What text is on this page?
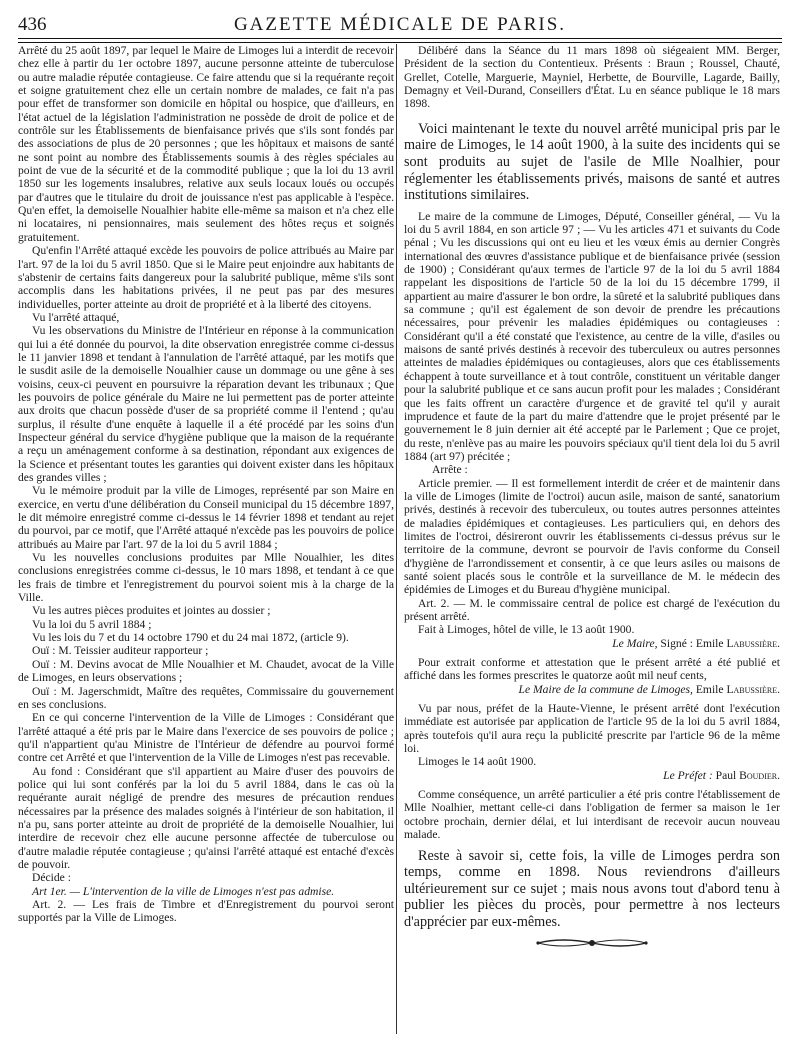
436	GAZETTE MÉDICALE DE PARIS.

Arrêté du 25 août 1897, par lequel le Maire de Limoges lui a interdit de recevoir chez elle à partir du 1er octobre 1897, aucune personne atteinte de tuberculose ou autre maladie réputée contagieuse. Ce faire attendu que si la requérante reçoit et soigne gratuitement chez elle un certain nombre de malades, ce fait n'a pas pour effet de transformer son domicile en hôpital ou hospice, que d'ailleurs, en l'état actuel de la législation l'administration ne possède de droit de police et de contrôle sur les Établissements de bienfaisance privés que s'ils sont fondés par des associations de plus de 20 personnes ; que les hôpitaux et maisons de santé ne sont point au nombre des Établissements soumis à des règles spéciales au point de vue de la sécurité et de la commodité publique ; que la loi du 13 avril 1850 sur les logements insalubres, relative aux seuls locaux loués ou occupés par d'autres que le titulaire du droit de jouissance n'est pas applicable à l'espèce. Qu'en effet, la demoiselle Noualhier habite elle-même sa maison et n'a chez elle ni locataires, ni pensionnaires, mais seulement des hôtes reçus et soignés gratuitement.

Qu'enfin l'Arrêté attaqué excède les pouvoirs de police attribués au Maire par l'art. 97 de la loi du 5 avril 1850. Que si le Maire peut enjoindre aux habitants de s'abstenir de certains faits dangereux pour la salubrité publique, même s'ils sont accomplis dans les habitations privées, il ne peut pas par des mesures individuelles, porter atteinte au droit de propriété et à la liberté des citoyens.

Vu l'arrêté attaqué,

Vu les observations du Ministre de l'Intérieur en réponse à la communication qui lui a été donnée du pourvoi, la dite observation enregistrée comme ci-dessus le 11 janvier 1898 et tendant à l'annulation de l'arrêté attaqué, par les motifs que le susdit asile de la demoiselle Noualhier cause un dommage ou une gêne à ses voisins, ceux-ci peuvent en poursuivre la réparation devant les tribunaux ; Que les pouvoirs de police générale du Maire ne lui permettent pas de porter atteinte aux droits que chacun possède d'user de sa propriété comme il l'entend ; qu'au surplus, il résulte d'une enquête à laquelle il a été procédé par les soins d'un Inspecteur général du service d'hygiène publique que la maison de la requérante a reçu un aménagement conforme à sa destination, répondant aux exigences de la Science et présentant toutes les garanties qui doivent exister dans les hôpitaux des grandes villes ;

Vu le mémoire produit par la ville de Limoges, représenté par son Maire en exercice, en vertu d'une délibération du Conseil municipal du 15 décembre 1897, le dit mémoire enregistré comme ci-dessus le 14 février 1898 et tendant au rejet du pourvoi, par ce motif, que l'Arrêté attaqué n'excède pas les pouvoirs de police attribués au Maire par l'art. 97 de la loi du 5 avril 1884 ;

Vu les nouvelles conclusions produites par Mlle Noualhier, les dites conclusions enregistrées comme ci-dessus, le 10 mars 1898, et tendant à ce que les frais de timbre et l'enregistrement du pourvoi soient mis à la charge de la Ville.

Vu les autres pièces produites et jointes au dossier ;

Vu la loi du 5 avril 1884 ;

Vu les lois du 7 et du 14 octobre 1790 et du 24 mai 1872, (article 9).

Ouï : M. Teissier auditeur rapporteur ;

Ouï : M. Devins avocat de Mlle Noualhier et M. Chaudet, avocat de la Ville de Limoges, en leurs observations ;

Ouï : M. Jagerschmidt, Maître des requêtes, Commissaire du gouvernement en ses conclusions.

En ce qui concerne l'intervention de la Ville de Limoges : Considérant que l'arrêté attaqué a été pris par le Maire dans l'exercice de ses pouvoirs de police ; qu'il n'appartient qu'au Ministre de l'Intérieur de défendre au pourvoi formé contre cet Arrêté et que l'intervention de la Ville de Limoges n'est pas recevable.

Au fond : Considérant que s'il appartient au Maire d'user des pouvoirs de police qui lui sont conférés par la loi du 5 avril 1884, dans le cas où la requérante aurait négligé de prendre des mesures de précaution rendues nécessaires par la présence des malades soignés à l'intérieur de son habitation, il n'a pu, sans porter atteinte au droit de propriété de la demoiselle Noualhier, lui interdire de recevoir chez elle aucune personne affectée de tuberculose ou d'autre maladie réputée contagieuse ; qu'ainsi l'arrêté attaqué est entaché d'excès de pouvoir.

Décide :

Art 1er. — L'intervention de la ville de Limoges n'est pas admise.

Art. 2. — Les frais de Timbre et d'Enregistrement du pourvoi seront supportés par la Ville de Limoges.

Délibéré dans la Séance du 11 mars 1898 où siégeaient MM. Berger, Président de la section du Contentieux. Présents : Braun ; Roussel, Chauté, Grellet, Cotelle, Marguerie, Mayniel, Herbette, de Bourville, Lagarde, Bailly, Demagny et Veil-Durand, Conseillers d'État. Lu en séance publique le 18 mars 1898.

Voici maintenant le texte du nouvel arrêté municipal pris par le maire de Limoges, le 14 août 1900, à la suite des incidents qui se sont produits au sujet de l'asile de Mlle Noalhier, pour réglementer les établissements privés, maisons de santé et autres institutions similaires.

Le maire de la commune de Limoges, Député, Conseiller général, — Vu la loi du 5 avril 1884, en son article 97 ; — Vu les articles 471 et suivants du Code pénal ; Vu les discussions qui ont eu lieu et les vœux émis au dernier Congrès international des œuvres d'assistance publique et de bienfaisance privée (session de 1900) ; Considérant qu'aux termes de l'article 97 de la loi du 5 avril 1884 rappelant les dispositions de l'article 50 de la loi du 15 décembre 1799, il appartient au maire d'assurer le bon ordre, la sûreté et la salubrité publiques dans sa commune ; qu'il est également de son devoir de prendre les précautions nécessaires, pour prévenir les maladies épidémiques ou contagieuses : Considérant qu'il a été constaté que l'existence, au centre de la ville, d'asiles ou maisons de santé privés destinés à recevoir des tuberculeux ou autres personnes atteintes de maladies épidémiques ou contagieuses, alors que ces établissements échappent à toute surveillance et à tout contrôle, constituent un véritable danger pour la salubrité publique et ce sans aucun profit pour les malades ; Considérant que les faits offrent un caractère d'urgence et de gravité tel qu'il y aurait imprudence et faute de la part du maire d'attendre que le projet présenté par le gouvernement le 8 juin dernier ait été accepté par le Parlement ; Que ce projet, du reste, n'enlève pas au maire les pouvoirs spéciaux qu'il tient dela loi du 5 avril 1884 (art 97) précitée ;

Arrête :

Article premier. — Il est formellement interdit de créer et de maintenir dans la ville de Limoges (limite de l'octroi) aucun asile, maison de santé, sanatorium privés, destinés à recevoir des tuberculeux, ou toutes autres personnes atteintes de maladies épidémiques et contagieuses. Les particuliers qui, en dehors des limites de l'octroi, désireront ouvrir les établissements ci-dessus prévus sur le territoire de la commune, devront se pourvoir de l'avis conforme du Conseil d'hygiène de l'arrondissement et consentir, à ce que leurs asiles ou maisons de santé soient placés sous le contrôle et la surveillance de M. le médecin des épidémies de Limoges et du Bureau d'hygiène municipal.

Art. 2. — M. le commissaire central de police est chargé de l'exécution du présent arrêté.

Fait à Limoges, hôtel de ville, le 13 août 1900.

Le Maire, Signé : Emile Labussière.

Pour extrait conforme et attestation que le présent arrêté a été publié et affiché dans les formes prescrites le quatorze août mil neuf cents,

Le Maire de la commune de Limoges, Emile Labussière.

Vu par nous, préfet de la Haute-Vienne, le présent arrêté dont l'exécution immédiate est autorisée par application de l'article 95 de la loi du 5 avril 1884, après toutefois qu'il aura reçu la publicité prescrite par l'article 96 de la même loi.

Limoges le 14 août 1900.

Le Préfet : Paul Boudier.

Comme conséquence, un arrêté particulier a été pris contre l'établissement de Mlle Noalhier, mettant celle-ci dans l'obligation de fermer sa maison le 1er octobre prochain, dernier délai, et lui interdisant de recevoir aucun nouveau malade.

Reste à savoir si, cette fois, la ville de Limoges perdra son temps, comme en 1898. Nous reviendrons d'ailleurs ultérieurement sur ce sujet ; mais nous avons tout d'abord tenu à publier les pièces du procès, pour permettre à nos lecteurs d'apprécier par eux-mêmes.
